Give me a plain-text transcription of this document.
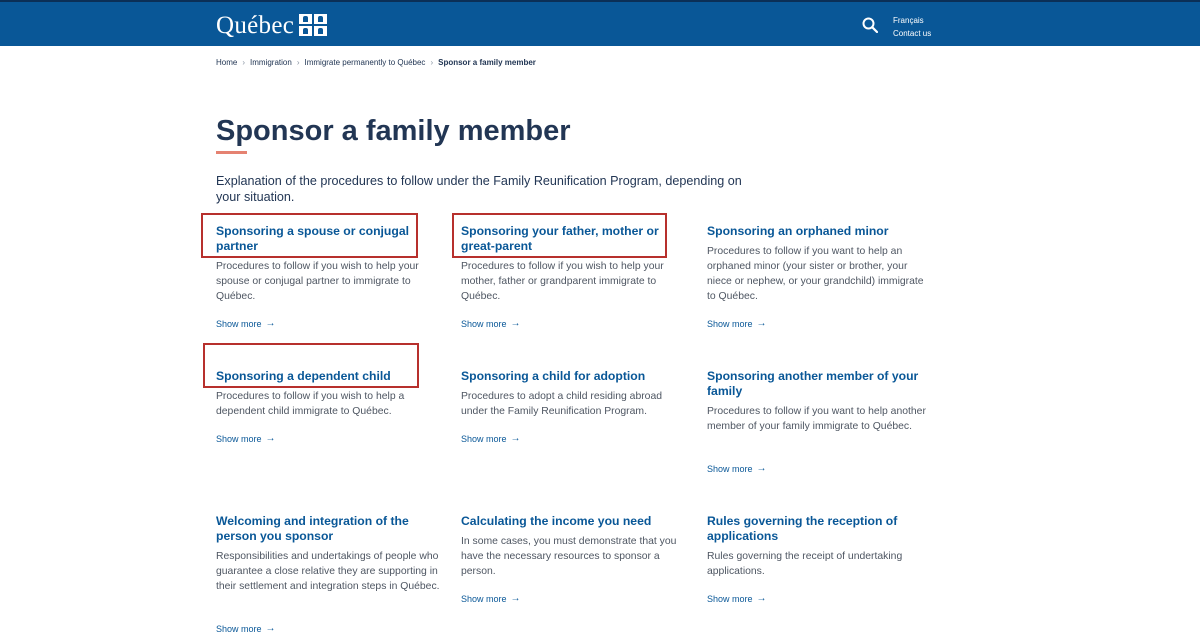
Québec	Français
Contact us
Home › Immigration › Immigrate permanently to Québec › Sponsor a family member
Sponsor a family member

Explanation of the procedures to follow under the Family Reunification Program, depending on your situation.

Sponsoring a spouse or conjugal partner

Procedures to follow if you wish to help your spouse or conjugal partner to immigrate to Québec.

Show more →
Sponsoring your father, mother or great-parent

Procedures to follow if you wish to help your mother, father or grandparent immigrate to Québec.

Show more →
Sponsoring an orphaned minor

Procedures to follow if you want to help an orphaned minor (your sister or brother, your niece or nephew, or your grandchild) immigrate to Québec.

Show more →
Sponsoring a dependent child

Procedures to follow if you wish to help a dependent child immigrate to Québec.

Show more →
Sponsoring a child for adoption

Procedures to adopt a child residing abroad under the Family Reunification Program.

Show more →
Sponsoring another member of your family

Procedures to follow if you want to help another member of your family immigrate to Québec.

Show more →
Welcoming and integration of the person you sponsor

Responsibilities and undertakings of people who guarantee a close relative they are supporting in their settlement and integration steps in Québec.

Show more →
Calculating the income you need

In some cases, you must demonstrate that you have the necessary resources to sponsor a person.

Show more →
Rules governing the reception of applications

Rules governing the receipt of undertaking applications.

Show more →
